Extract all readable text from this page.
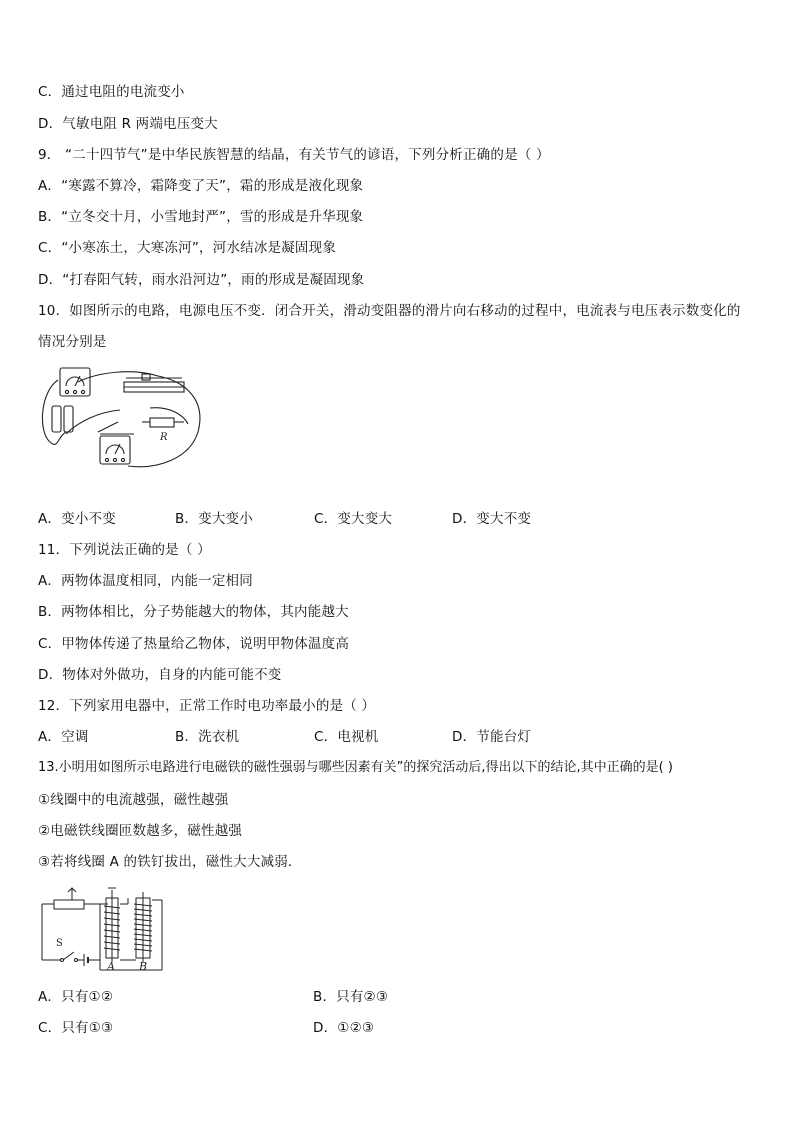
C．通过电阻的电流变小
D．气敏电阻 R 两端电压变大
9． “二十四节气”是中华民族智慧的结晶，有关节气的谚语，下列分析正确的是（ ）
A．“寒露不算冷，霜降变了天”，霜的形成是液化现象
B．“立冬交十月，小雪地封严”，雪的形成是升华现象
C．“小寒冻土，大寒冻河”，河水结冰是凝固现象
D．“打春阳气转，雨水沿河边”，雨的形成是凝固现象
10．如图所示的电路，电源电压不变．闭合开关，滑动变阻器的滑片向右移动的过程中，电流表与电压表示数变化的
情况分别是
R
A．变小不变	B．变大变小	C．变大变大	D．变大不变
11．下列说法正确的是（ ）
A．两物体温度相同，内能一定相同
B．两物体相比，分子势能越大的物体，其内能越大
C．甲物体传递了热量给乙物体，说明甲物体温度高
D．物体对外做功，自身的内能可能不变
12．下列家用电器中，正常工作时电功率最小的是（ ）
A．空调	B．洗衣机	C．电视机	D．节能台灯
13.小明用如图所示电路进行电磁铁的磁性强弱与哪些因素有关”的探究活动后,得出以下的结论,其中正确的是( )
①线圈中的电流越强，磁性越强
②电磁铁线圈匝数越多，磁性越强
③若将线圈 A 的铁钉拔出，磁性大大减弱．
S
A B
A．只有①②	B．只有②③
C．只有①③	D．①②③
